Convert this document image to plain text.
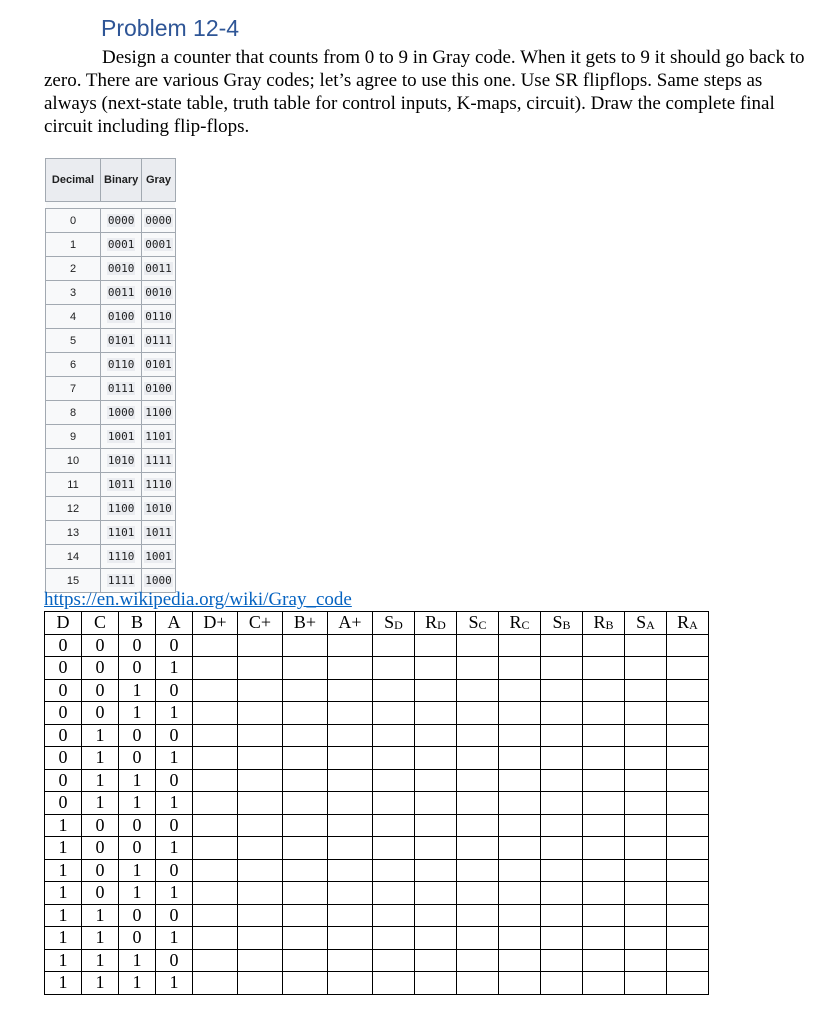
Problem 12-4
Design a counter that counts from 0 to 9 in Gray code. When it gets to 9 it should go back to zero. There are various Gray codes; let’s agree to use this one. Use SR flipflops. Same steps as always (next-state table, truth table for control inputs, K-maps, circuit). Draw the complete final circuit including flip-flops.
Decimal	Binary	Gray

0	0000	0000
1	0001	0001
2	0010	0011
3	0011	0010
4	0100	0110
5	0101	0111
6	0110	0101
7	0111	0100
8	1000	1100
9	1001	1101
10	1010	1111
11	1011	1110
12	1100	1010
13	1101	1011
14	1110	1001
15	1111	1000
https://en.wikipedia.org/wiki/Gray_code
D	C	B	A	D+	C+	B+	A+	$S_D$	$R_D$	$S_C$	$R_C$	$S_B$	$R_B$	$S_A$	$R_A$
0	0	0	0												
0	0	0	1												
0	0	1	0												
0	0	1	1												
0	1	0	0												
0	1	0	1												
0	1	1	0												
0	1	1	1												
1	0	0	0												
1	0	0	1												
1	0	1	0												
1	0	1	1												
1	1	0	0												
1	1	0	1												
1	1	1	0												
1	1	1	1												
